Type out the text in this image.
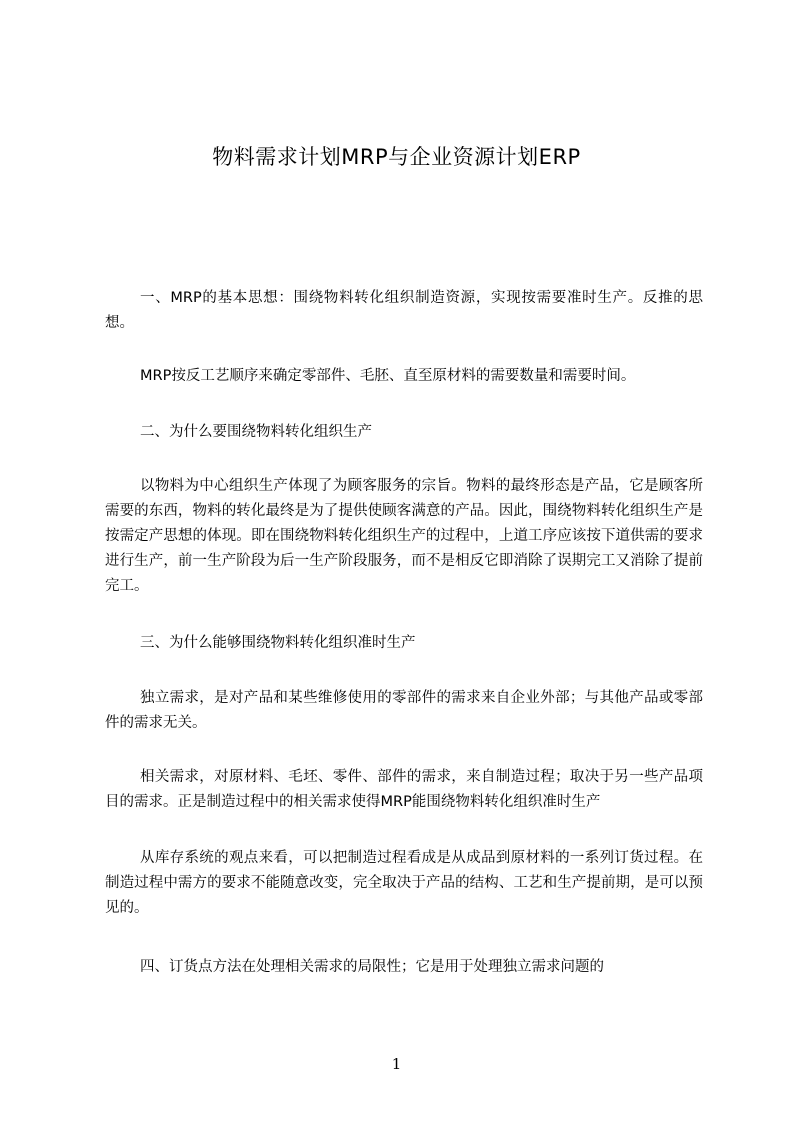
物料需求计划MRP与企业资源计划ERP

一、MRP的基本思想：围绕物料转化组织制造资源，实现按需要准时生产。反推的思想。

MRP按反工艺顺序来确定零部件、毛胚、直至原材料的需要数量和需要时间。

二、为什么要围绕物料转化组织生产

以物料为中心组织生产体现了为顾客服务的宗旨。物料的最终形态是产品，它是顾客所需要的东西，物料的转化最终是为了提供使顾客满意的产品。因此，围绕物料转化组织生产是按需定产思想的体现。即在围绕物料转化组织生产的过程中，上道工序应该按下道供需的要求进行生产，前一生产阶段为后一生产阶段服务，而不是相反它即消除了误期完工又消除了提前完工。

三、为什么能够围绕物料转化组织准时生产

独立需求，是对产品和某些维修使用的零部件的需求来自企业外部；与其他产品或零部件的需求无关。

相关需求，对原材料、毛坯、零件、部件的需求，来自制造过程；取决于另一些产品项目的需求。正是制造过程中的相关需求使得MRP能围绕物料转化组织准时生产

从库存系统的观点来看，可以把制造过程看成是从成品到原材料的一系列订货过程。在制造过程中需方的要求不能随意改变，完全取决于产品的结构、工艺和生产提前期，是可以预见的。

四、订货点方法在处理相关需求的局限性；它是用于处理独立需求问题的

1
